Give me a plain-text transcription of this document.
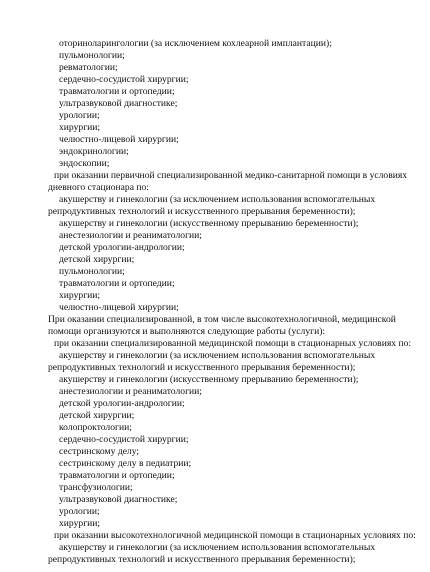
оториноларингологии (за исключением кохлеарной имплантации);
пульмонологии;
ревматологии;
сердечно-сосудистой хирургии;
травматологии и ортопедии;
ультразвуковой диагностике;
урологии;
хирургии;
челюстно-лицевой хирургии;
эндокринологии;
эндоскопии;
при оказании первичной специализированной медико-санитарной помощи в условиях дневного стационара по:
акушерству и гинекологии (за исключением использования вспомогательных репродуктивных технологий и искусственного прерывания беременности);
акушерству и гинекологии (искусственному прерыванию беременности);
анестезиологии и реаниматологии;
детской урологии-андрологии;
детской хирургии;
пульмонологии;
травматологии и ортопедии;
хирургии;
челюстно-лицевой хирургии;
При оказании специализированной, в том числе высокотехнологичной, медицинской помощи организуются и выполняются следующие работы (услуги):
при оказании специализированной медицинской помощи в стационарных условиях по:
акушерству и гинекологии (за исключением использования вспомогательных репродуктивных технологий и искусственного прерывания беременности);
акушерству и гинекологии (искусственному прерыванию беременности);
анестезиологии и реаниматологии;
детской урологии-андрологии;
детской хирургии;
колопроктологии;
сердечно-сосудистой хирургии;
сестринскому делу;
сестринскому делу в педиатрии;
травматологии и ортопедии;
трансфузиологии;
ультразвуковой диагностике;
урологии;
хирургии;
при оказании высокотехнологичной медицинской помощи в стационарных условиях по:
акушерству и гинекологии (за исключением использования вспомогательных репродуктивных технологий и искусственного прерывания беременности);
